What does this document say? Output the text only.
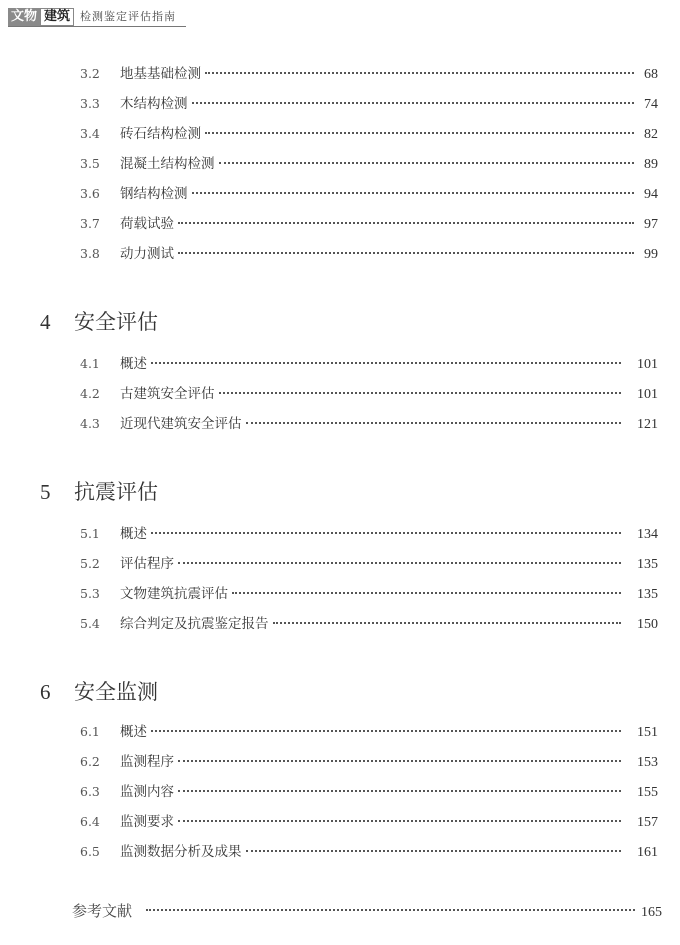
文物 建筑 检测鉴定评估指南
3.2	地基基础检测	68
3.3	木结构检测	74
3.4	砖石结构检测	82
3.5	混凝土结构检测	89
3.6	钢结构检测	94
3.7	荷载试验	97
3.8	动力测试	99
4	安全评估
4.1	概述	101
4.2	古建筑安全评估	101
4.3	近现代建筑安全评估	121
5	抗震评估
5.1	概述	134
5.2	评估程序	135
5.3	文物建筑抗震评估	135
5.4	综合判定及抗震鉴定报告	150
6	安全监测
6.1	概述	151
6.2	监测程序	153
6.3	监测内容	155
6.4	监测要求	157
6.5	监测数据分析及成果	161
参考文献	165
